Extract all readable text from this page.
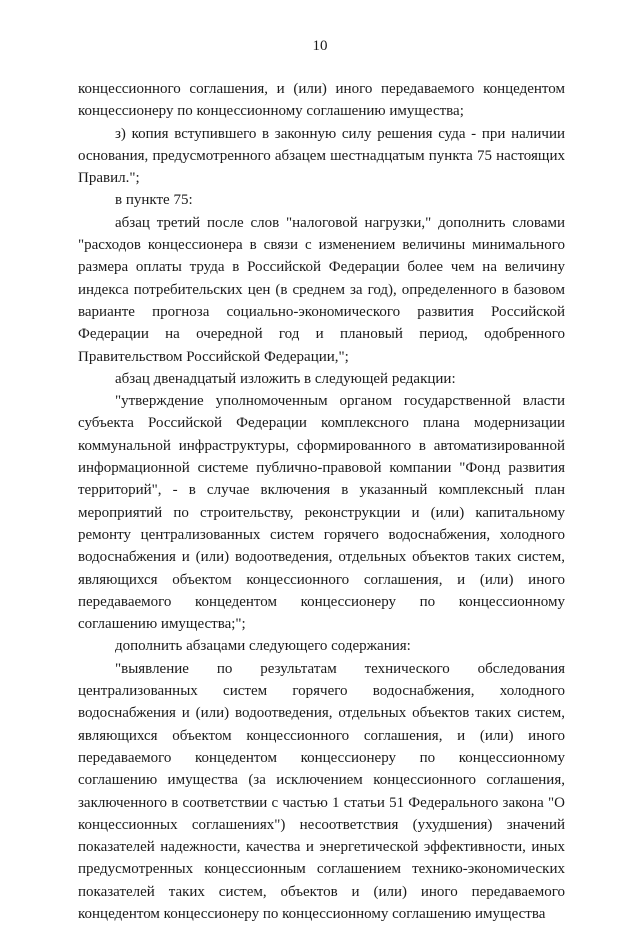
10

концессионного соглашения, и (или) иного передаваемого концедентом концессионеру по концессионному соглашению имущества;

з) копия вступившего в законную силу решения суда - при наличии основания, предусмотренного абзацем шестнадцатым пункта 75 настоящих Правил.";

в пункте 75:

абзац третий после слов "налоговой нагрузки," дополнить словами "расходов концессионера в связи с изменением величины минимального размера оплаты труда в Российской Федерации более чем на величину индекса потребительских цен (в среднем за год), определенного в базовом варианте прогноза социально-экономического развития Российской Федерации на очередной год и плановый период, одобренного Правительством Российской Федерации,";

абзац двенадцатый изложить в следующей редакции:

"утверждение уполномоченным органом государственной власти субъекта Российской Федерации комплексного плана модернизации коммунальной инфраструктуры, сформированного в автоматизированной информационной системе публично-правовой компании "Фонд развития территорий", - в случае включения в указанный комплексный план мероприятий по строительству, реконструкции и (или) капитальному ремонту централизованных систем горячего водоснабжения, холодного водоснабжения и (или) водоотведения, отдельных объектов таких систем, являющихся объектом концессионного соглашения, и (или) иного передаваемого концедентом концессионеру по концессионному соглашению имущества;";

дополнить абзацами следующего содержания:

"выявление по результатам технического обследования централизованных систем горячего водоснабжения, холодного водоснабжения и (или) водоотведения, отдельных объектов таких систем, являющихся объектом концессионного соглашения, и (или) иного передаваемого концедентом концессионеру по концессионному соглашению имущества (за исключением концессионного соглашения, заключенного в соответствии с частью 1 статьи 51 Федерального закона "О концессионных соглашениях") несоответствия (ухудшения) значений показателей надежности, качества и энергетической эффективности, иных предусмотренных концессионным соглашением технико-экономических показателей таких систем, объектов и (или) иного передаваемого концедентом концессионеру по концессионному соглашению имущества
